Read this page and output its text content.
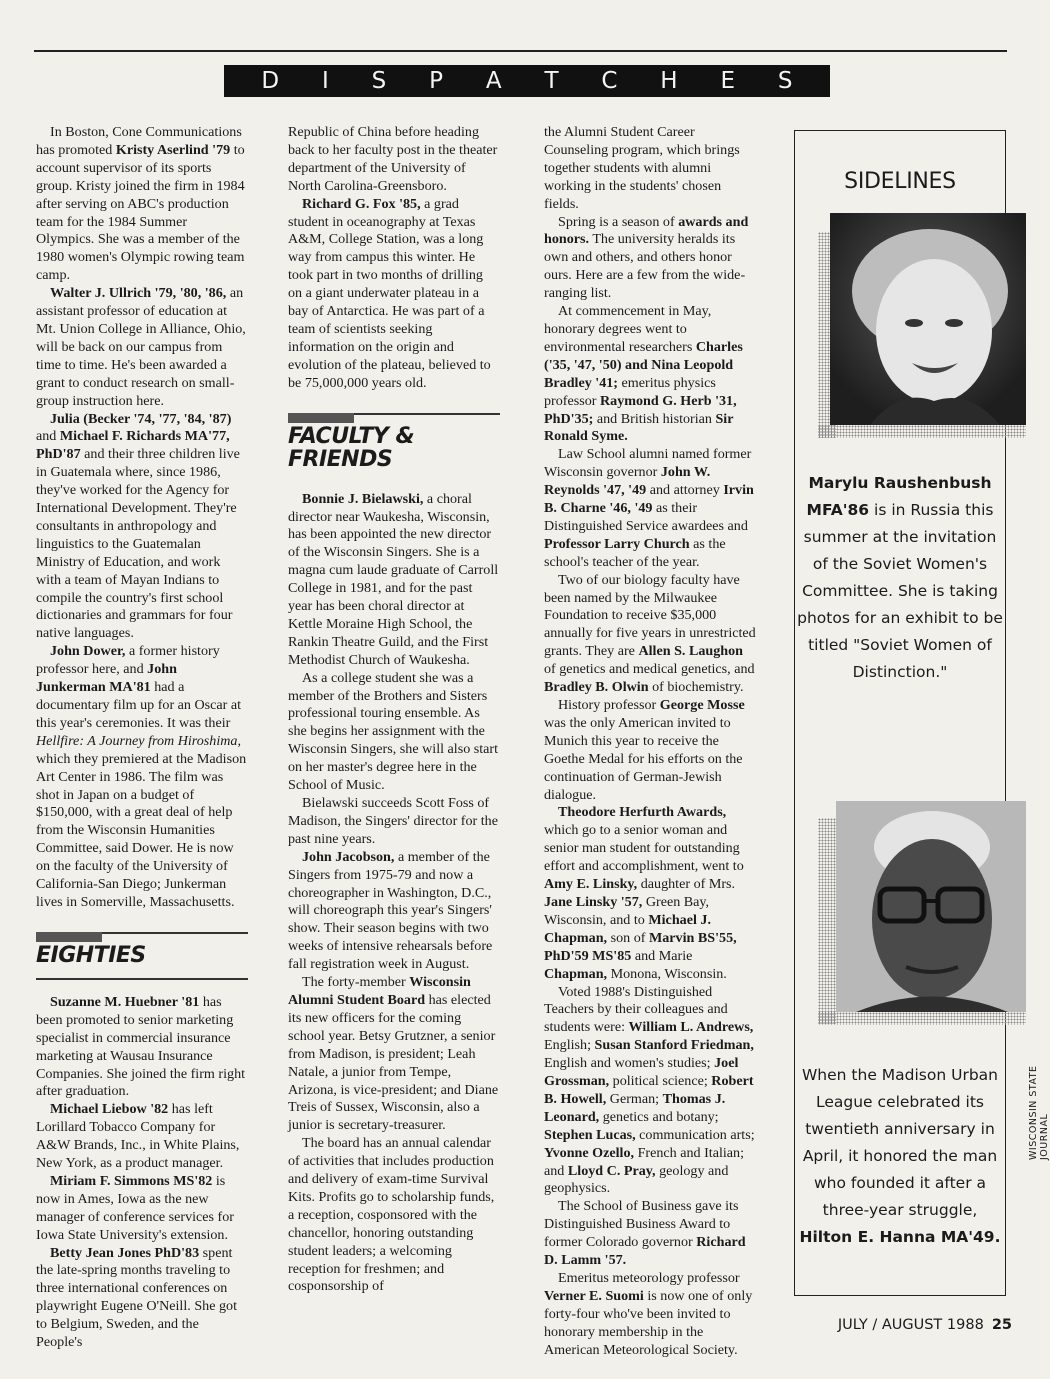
D I S P A T C H E S

In Boston, Cone Communications has promoted Kristy Aserlind '79 to account supervisor of its sports group. Kristy joined the firm in 1984 after serving on ABC's production team for the 1984 Summer Olympics. She was a member of the 1980 women's Olympic rowing team camp.

Walter J. Ullrich '79, '80, '86, an assistant professor of education at Mt. Union College in Alliance, Ohio, will be back on our campus from time to time. He's been awarded a grant to conduct research on small-group instruction here.

Julia (Becker '74, '77, '84, '87) and Michael F. Richards MA'77, PhD'87 and their three children live in Guatemala where, since 1986, they've worked for the Agency for International Development. They're consultants in anthropology and linguistics to the Guatemalan Ministry of Education, and work with a team of Mayan Indians to compile the country's first school dictionaries and grammars for four native languages.

John Dower, a former history professor here, and John Junkerman MA'81 had a documentary film up for an Oscar at this year's ceremonies. It was their Hellfire: A Journey from Hiroshima, which they premiered at the Madison Art Center in 1986. The film was shot in Japan on a budget of $150,000, with a great deal of help from the Wisconsin Humanities Committee, said Dower. He is now on the faculty of the University of California-San Diego; Junkerman lives in Somerville, Massachusetts.

EIGHTIES

Suzanne M. Huebner '81 has been promoted to senior marketing specialist in commercial insurance marketing at Wausau Insurance Companies. She joined the firm right after graduation.

Michael Liebow '82 has left Lorillard Tobacco Company for A&W Brands, Inc., in White Plains, New York, as a product manager.

Miriam F. Simmons MS'82 is now in Ames, Iowa as the new manager of conference services for Iowa State University's extension.

Betty Jean Jones PhD'83 spent the late-spring months traveling to three international conferences on playwright Eugene O'Neill. She got to Belgium, Sweden, and the People's

Republic of China before heading back to her faculty post in the theater department of the University of North Carolina-Greensboro.

Richard G. Fox '85, a grad student in oceanography at Texas A&M, College Station, was a long way from campus this winter. He took part in two months of drilling on a giant underwater plateau in a bay of Antarctica. He was part of a team of scientists seeking information on the origin and evolution of the plateau, believed to be 75,000,000 years old.

FACULTY &
FRIENDS

Bonnie J. Bielawski, a choral director near Waukesha, Wisconsin, has been appointed the new director of the Wisconsin Singers. She is a magna cum laude graduate of Carroll College in 1981, and for the past year has been choral director at Kettle Moraine High School, the Rankin Theatre Guild, and the First Methodist Church of Waukesha.

As a college student she was a member of the Brothers and Sisters professional touring ensemble. As she begins her assignment with the Wisconsin Singers, she will also start on her master's degree here in the School of Music.

Bielawski succeeds Scott Foss of Madison, the Singers' director for the past nine years.

John Jacobson, a member of the Singers from 1975-79 and now a choreographer in Washington, D.C., will choreograph this year's Singers' show. Their season begins with two weeks of intensive rehearsals before fall registration week in August.

The forty-member Wisconsin Alumni Student Board has elected its new officers for the coming school year. Betsy Grutzner, a senior from Madison, is president; Leah Natale, a junior from Tempe, Arizona, is vice-president; and Diane Treis of Sussex, Wisconsin, also a junior is secretary-treasurer.

The board has an annual calendar of activities that includes production and delivery of exam-time Survival Kits. Profits go to scholarship funds, a reception, cosponsored with the chancellor, honoring outstanding student leaders; a welcoming reception for freshmen; and cosponsorship of

the Alumni Student Career Counseling program, which brings together students with alumni working in the students' chosen fields.

Spring is a season of awards and honors. The university heralds its own and others, and others honor ours. Here are a few from the wide-ranging list.

At commencement in May, honorary degrees went to environmental researchers Charles ('35, '47, '50) and Nina Leopold Bradley '41; emeritus physics professor Raymond G. Herb '31, PhD'35; and British historian Sir Ronald Syme.

Law School alumni named former Wisconsin governor John W. Reynolds '47, '49 and attorney Irvin B. Charne '46, '49 as their Distinguished Service awardees and Professor Larry Church as the school's teacher of the year.

Two of our biology faculty have been named by the Milwaukee Foundation to receive $35,000 annually for five years in unrestricted grants. They are Allen S. Laughon of genetics and medical genetics, and Bradley B. Olwin of biochemistry.

History professor George Mosse was the only American invited to Munich this year to receive the Goethe Medal for his efforts on the continuation of German-Jewish dialogue.

Theodore Herfurth Awards, which go to a senior woman and senior man student for outstanding effort and accomplishment, went to Amy E. Linsky, daughter of Mrs. Jane Linsky '57, Green Bay, Wisconsin, and to Michael J. Chapman, son of Marvin BS'55, PhD'59 MS'85 and Marie Chapman, Monona, Wisconsin.

Voted 1988's Distinguished Teachers by their colleagues and students were: William L. Andrews, English; Susan Stanford Friedman, English and women's studies; Joel Grossman, political science; Robert B. Howell, German; Thomas J. Leonard, genetics and botany; Stephen Lucas, communication arts; Yvonne Ozello, French and Italian; and Lloyd C. Pray, geology and geophysics.

The School of Business gave its Distinguished Business Award to former Colorado governor Richard D. Lamm '57.

Emeritus meteorology professor Verner E. Suomi is now one of only forty-four who've been invited to honorary membership in the American Meteorological Society.

SIDELINES
Marylu Raushenbush MFA'86 is in Russia this summer at the invitation of the Soviet Women's Committee. She is taking photos for an exhibit to be titled "Soviet Women of Distinction."
When the Madison Urban League celebrated its twentieth anniversary in April, it honored the man who founded it after a three-year struggle, Hilton E. Hanna MA'49.
WISCONSIN STATE JOURNAL
JULY / AUGUST 1988 25
